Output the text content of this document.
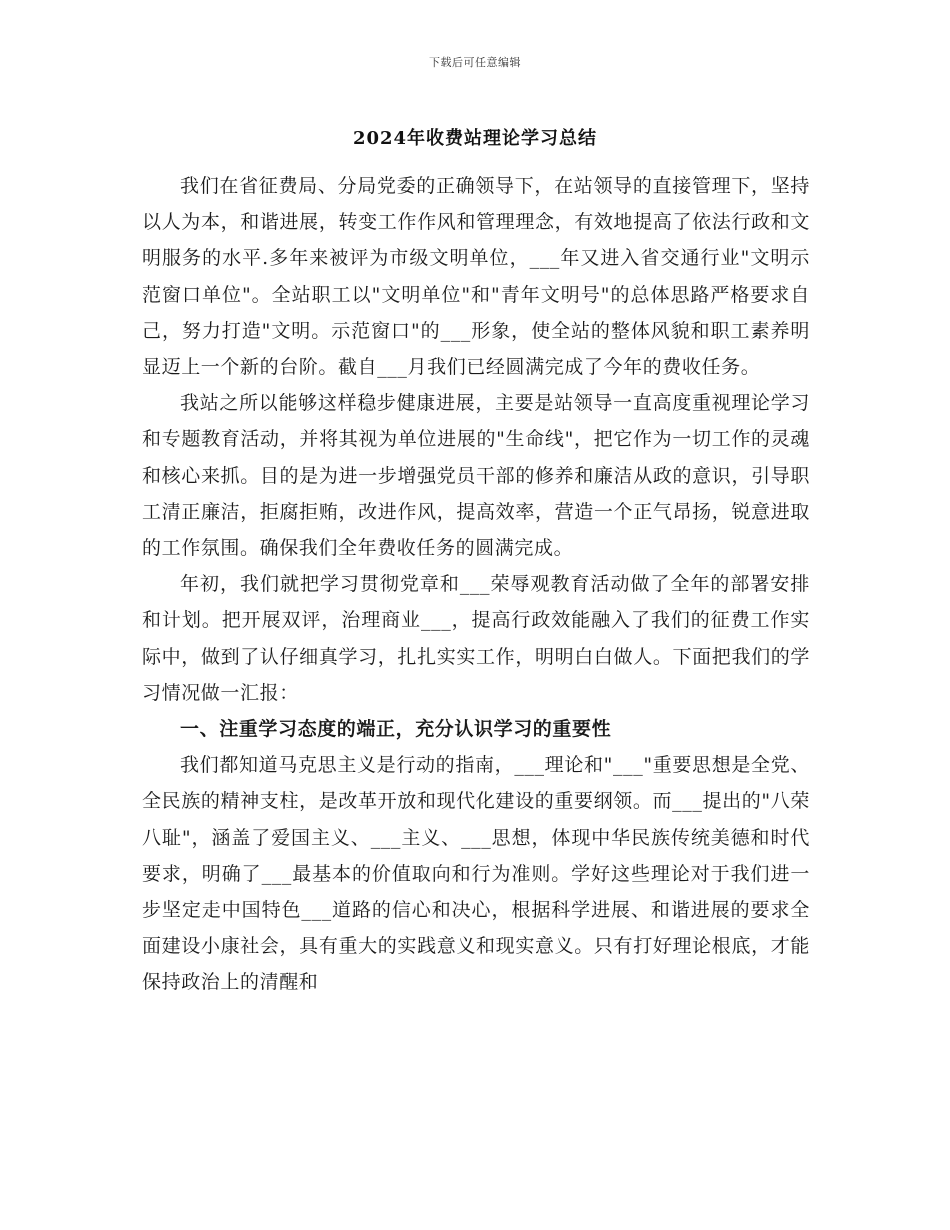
下载后可任意编辑
2024年收费站理论学习总结

我们在省征费局、分局党委的正确领导下，在站领导的直接管理下，坚持以人为本，和谐进展，转变工作作风和管理理念，有效地提高了依法行政和文明服务的水平.多年来被评为市级文明单位，___年又进入省交通行业"文明示范窗口单位"。全站职工以"文明单位"和"青年文明号"的总体思路严格要求自己，努力打造"文明。示范窗口"的___形象，使全站的整体风貌和职工素养明显迈上一个新的台阶。截自___月我们已经圆满完成了今年的费收任务。

我站之所以能够这样稳步健康进展，主要是站领导一直高度重视理论学习和专题教育活动，并将其视为单位进展的"生命线"，把它作为一切工作的灵魂和核心来抓。目的是为进一步增强党员干部的修养和廉洁从政的意识，引导职工清正廉洁，拒腐拒贿，改进作风，提高效率，营造一个正气昂扬，锐意进取的工作氛围。确保我们全年费收任务的圆满完成。

年初，我们就把学习贯彻党章和___荣辱观教育活动做了全年的部署安排和计划。把开展双评，治理商业___，提高行政效能融入了我们的征费工作实际中，做到了认仔细真学习，扎扎实实工作，明明白白做人。下面把我们的学习情况做一汇报：

一、注重学习态度的端正，充分认识学习的重要性

我们都知道马克思主义是行动的指南，___理论和"___"重要思想是全党、全民族的精神支柱，是改革开放和现代化建设的重要纲领。而___提出的"八荣八耻"，涵盖了爱国主义、___主义、___思想，体现中华民族传统美德和时代要求，明确了___最基本的价值取向和行为准则。学好这些理论对于我们进一步坚定走中国特色___道路的信心和决心，根据科学进展、和谐进展的要求全面建设小康社会，具有重大的实践意义和现实意义。只有打好理论根底，才能保持政治上的清醒和
